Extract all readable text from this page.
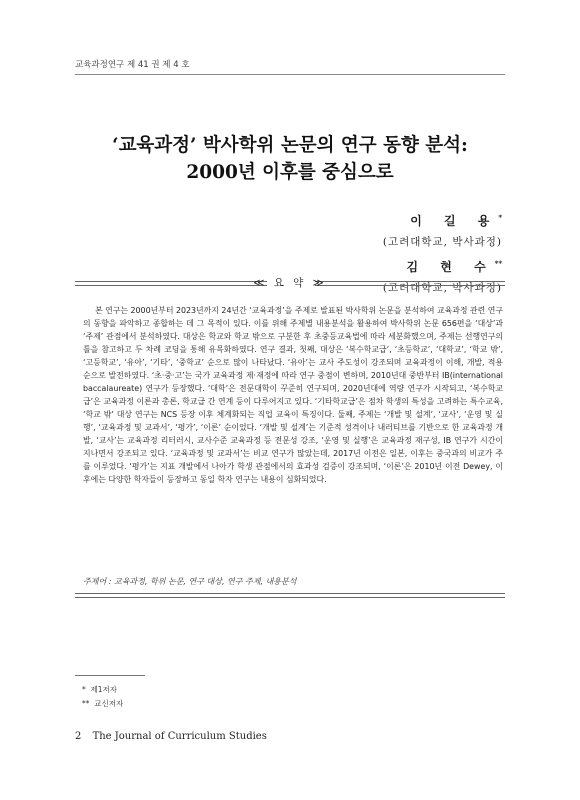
교육과정연구 제 41 권 제 4 호
‘교육과정’ 박사학위 논문의 연구 동향 분석:
2000년 이후를 중심으로
이 길 용*
(고려대학교, 박사과정)
김 현 수**
(고려대학교, 박사과정)
≪ 요 약 ≫
본 연구는 2000년부터 2023년까지 24년간 ‘교육과정’을 주제로 발표된 박사학위 논문을 분석하여 교육과정 관련 연구의 동향을 파악하고 종합하는 데 그 목적이 있다. 이를 위해 주제별 내용분석을 활용하여 박사학위 논문 656편을 ‘대상’과 ‘주제’ 관점에서 분석하였다. 대상은 학교와 학교 밖으로 구분한 후 초중등교육법에 따라 세분화했으며, 주제는 선행연구의 틀을 참고하고 두 차례 코딩을 통해 유목화하였다. 연구 결과, 첫째, 대상은 ‘복수학교급’, ‘초등학교’, ‘대학교’, ‘학교 밖’, ‘고등학교’, ‘유아’, ‘기타’, ‘중학교’ 순으로 많이 나타났다. ‘유아’는 교사 주도성이 강조되며 교육과정이 이해, 개발, 적용 순으로 발전하였다. ‘초·중·고’는 국가 교육과정 제·재정에 따라 연구 중점이 변하며, 2010년대 중반부터 IB(international baccalaureate) 연구가 등장했다. ‘대학’은 전문대학이 꾸준히 연구되며, 2020년대에 역량 연구가 시작되고, ‘복수학교급’은 교육과정 이론과 총론, 학교급 간 연계 등이 다루어지고 있다. ‘기타학교급’은 점차 학생의 특성을 고려하는 특수교육, ‘학교 밖’ 대상 연구는 NCS 등장 이후 체계화되는 직업 교육이 특징이다. 둘째, 주제는 ‘개발 및 설계’, ‘교사’, ‘운영 및 실행’, ‘교육과정 및 교과서’, ‘평가’, ‘이론’ 순이었다. ‘개발 및 설계’는 기준적 성격이나 내러티브를 기반으로 한 교육과정 개발, ‘교사’는 교육과정 리터러시, 교사수준 교육과정 등 전문성 강조, ‘운영 및 실행’은 교육과정 재구성, IB 연구가 시간이 지나면서 강조되고 있다. ‘교육과정 및 교과서’는 비교 연구가 많았는데, 2017년 이전은 일본, 이후는 중국과의 비교가 주를 이루었다. ‘평가’는 지표 개발에서 나아가 학생 관점에서의 효과성 검증이 강조되며, ‘이론’은 2010년 이전 Dewey, 이후에는 다양한 학자들이 등장하고 동일 학자 연구는 내용이 심화되었다.
주제어 : 교육과정, 학위 논문, 연구 대상, 연구 주제, 내용분석
* 제1저자
** 교신저자
2 The Journal of Curriculum Studies
